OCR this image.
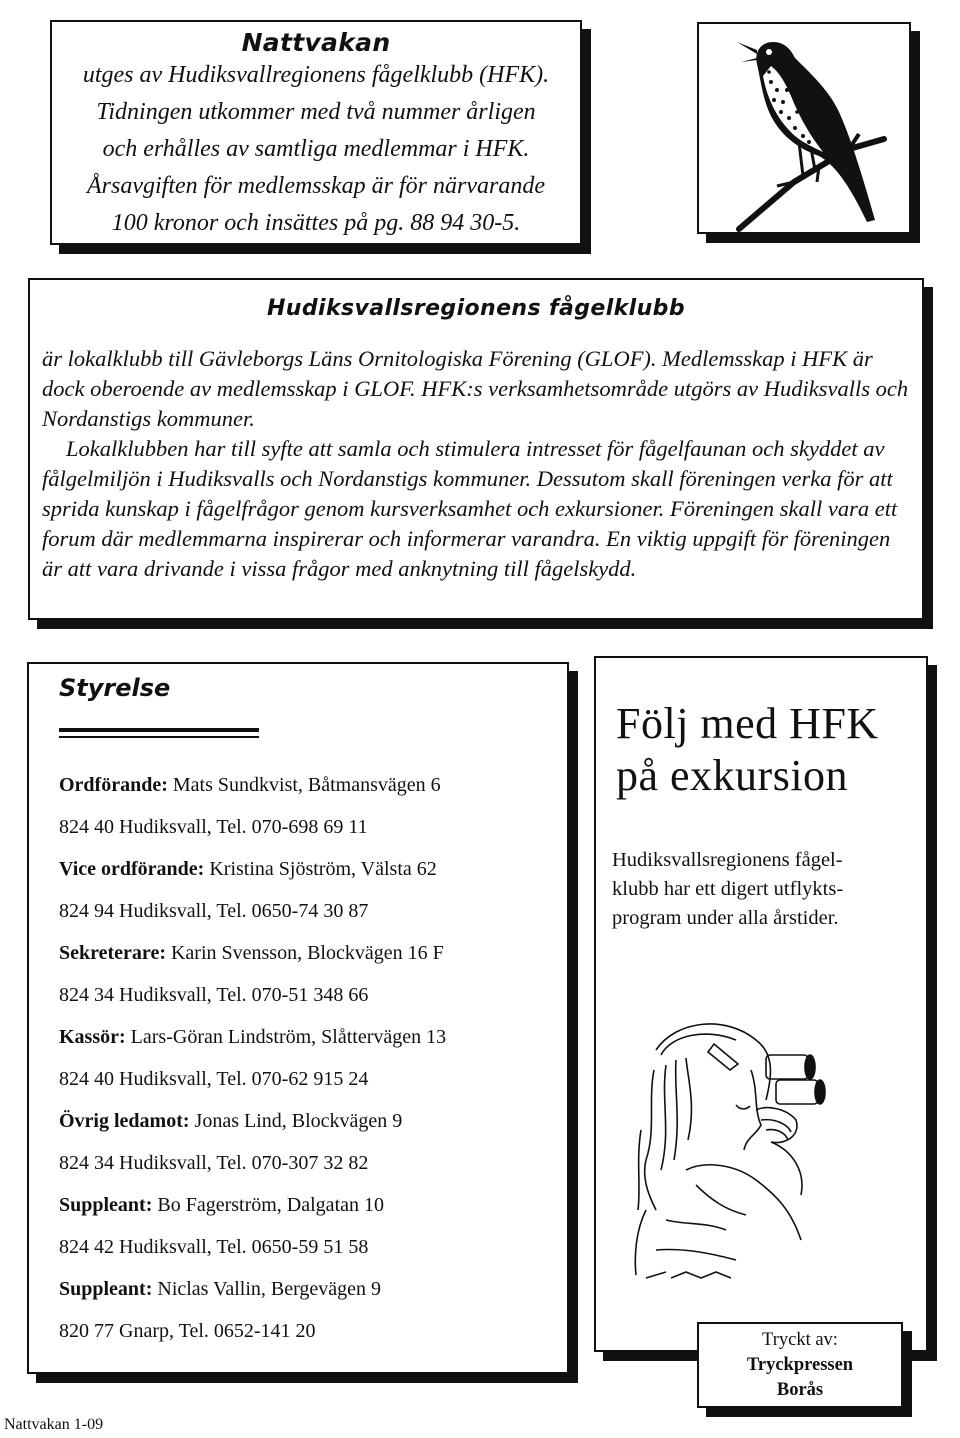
Nattvakan
utges av Hudiksvallregionens fågelklubb (HFK).
Tidningen utkommer med två nummer årligen
och erhålles av samtliga medlemmar i HFK.
Årsavgiften för medlemsskap är för närvarande
100 kronor och insättes på pg. 88 94 30-5.
Hudiksvallsregionens fågelklubb

är lokalklubb till Gävleborgs Läns Ornitologiska Förening (GLOF). Medlemsskap i HFK är dock oberoende av medlemsskap i GLOF. HFK:s verksamhetsområde utgörs av Hudiksvalls och Nordanstigs kommuner.

Lokalklubben har till syfte att samla och stimulera intresset för fågelfaunan och skyddet av fålgelmiljön i Hudiksvalls och Nordanstigs kommuner. Dessutom skall föreningen verka för att sprida kunskap i fågelfrågor genom kursverksamhet och exkursioner. Föreningen skall vara ett forum där medlemmarna inspirerar och informerar varandra. En viktig uppgift för föreningen är att vara drivande i vissa frågor med anknytning till fågelskydd.

Styrelse
Ordförande: Mats Sundkvist, Båtmansvägen 6
824 40 Hudiksvall, Tel. 070-698 69 11
Vice ordförande: Kristina Sjöström, Välsta 62
824 94 Hudiksvall, Tel. 0650-74 30 87
Sekreterare: Karin Svensson, Blockvägen 16 F
824 34 Hudiksvall, Tel. 070-51 348 66
Kassör: Lars-Göran Lindström, Slåttervägen 13
824 40 Hudiksvall, Tel. 070-62 915 24
Övrig ledamot: Jonas Lind, Blockvägen 9
824 34 Hudiksvall, Tel. 070-307 32 82
Suppleant: Bo Fagerström, Dalgatan 10
824 42 Hudiksvall, Tel. 0650-59 51 58
Suppleant: Niclas Vallin, Bergevägen 9
820 77 Gnarp, Tel. 0652-141 20
Följ med HFK
på exkursion
Hudiksvallsregionens fågel-
klubb har ett digert utflykts-
program under alla årstider.
Tryckt av:
Tryckpressen
Borås
Nattvakan 1-09
